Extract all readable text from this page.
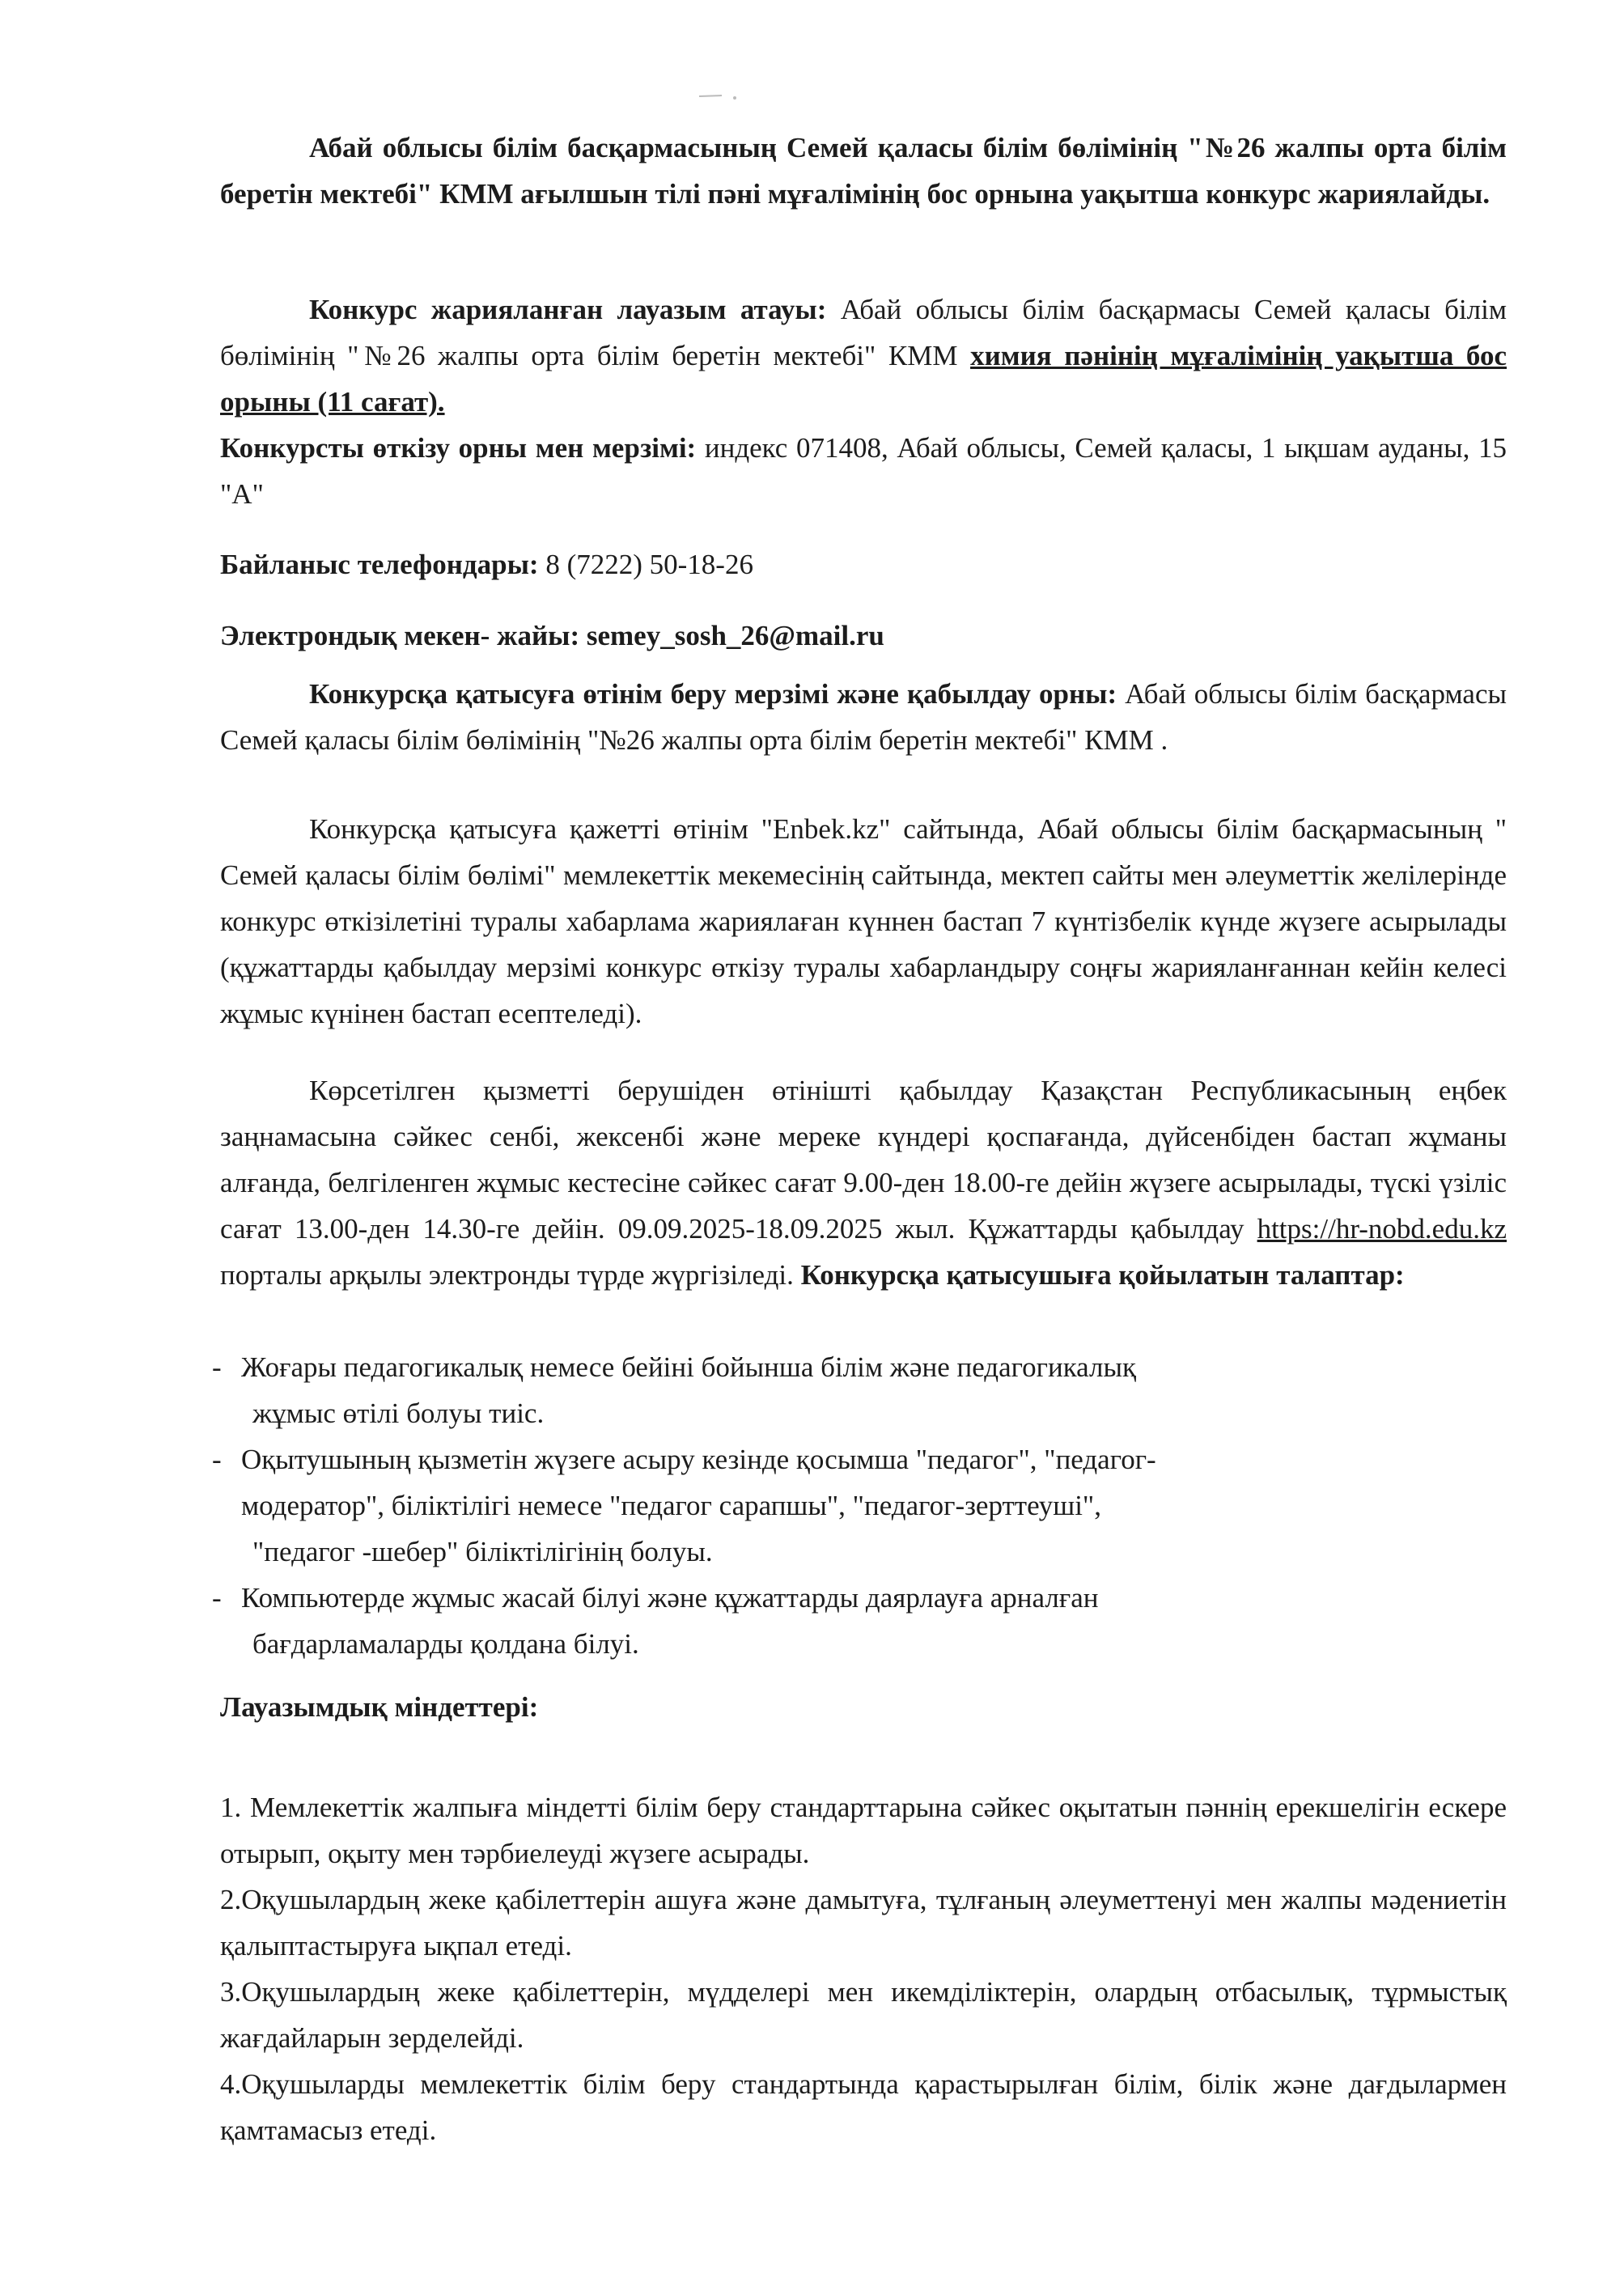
Абай облысы білім басқармасының Семей қаласы білім бөлімінің "№26 жалпы орта білім беретін мектебі" КММ ағылшын тілі пәні мұғалімінің бос орнына уақытша конкурс жариялайды.

Конкурс жарияланған лауазым атауы: Абай облысы білім басқармасы Семей қаласы білім бөлімінің "№26 жалпы орта білім беретін мектебі" КММ химия пәнінің мұғалімінің уақытша бос орыны (11 сағат).

Конкурсты өткізу орны мен мерзімі: индекс 071408, Абай облысы, Семей қаласы, 1 ықшам ауданы, 15 "А"

Байланыс телефондары: 8 (7222) 50-18-26

Электрондық мекен- жайы: semey_sosh_26@mail.ru

Конкурсқа қатысуға өтінім беру мерзімі және қабылдау орны: Абай облысы білім басқармасы Семей қаласы білім бөлімінің "№26 жалпы орта білім беретін мектебі" КММ .

Конкурсқа қатысуға қажетті өтінім "Enbek.kz" сайтында, Абай облысы білім басқармасының " Семей қаласы білім бөлімі" мемлекеттік мекемесінің сайтында, мектеп сайты мен әлеуметтік желілерінде конкурс өткізілетіні туралы хабарлама жариялаған күннен бастап 7 күнтізбелік күнде жүзеге асырылады (құжаттарды қабылдау мерзімі конкурс өткізу туралы хабарландыру соңғы жарияланғаннан кейін келесі жұмыс күнінен бастап есептеледі).

Көрсетілген қызметті берушіден өтінішті қабылдау Қазақстан Республикасының еңбек заңнамасына сәйкес сенбі, жексенбі және мереке күндері қоспағанда, дүйсенбіден бастап жұманы алғанда, белгіленген жұмыс кестесіне сәйкес сағат 9.00-ден 18.00-ге дейін жүзеге асырылады, түскі үзіліс сағат 13.00-ден 14.30-ге дейін. 09.09.2025-18.09.2025 жыл. Құжаттарды қабылдау https://hr-nobd.edu.kz порталы арқылы электронды түрде жүргізіледі. Конкурсқа қатысушыға қойылатын талаптар:

- Жоғары педагогикалық немесе бейіні бойынша білім және педагогикалық
жұмыс өтілі болуы тиіс.
- Оқытушының қызметін жүзеге асыру кезінде қосымша "педагог", "педагог-
модератор", біліктілігі немесе "педагог сарапшы", "педагог-зерттеуші",
"педагог -шебер" біліктілігінің болуы.
- Компьютерде жұмыс жасай білуі және құжаттарды даярлауға арналған
бағдарламаларды қолдана білуі.

Лауазымдық міндеттері:

1. Мемлекеттік жалпыға міндетті білім беру стандарттарына сәйкес оқытатын пәннің ерекшелігін ескере отырып, оқыту мен тәрбиелеуді жүзеге асырады.

2.Оқушылардың жеке қабілеттерін ашуға және дамытуға, тұлғаның әлеуметтенуі мен жалпы мәдениетін қалыптастыруға ықпал етеді.

3.Оқушылардың жеке қабілеттерін, мүдделері мен икемділіктерін, олардың отбасылық, тұрмыстық жағдайларын зерделейді.

4.Оқушыларды мемлекеттік білім беру стандартында қарастырылған білім, білік және дағдылармен қамтамасыз етеді.
